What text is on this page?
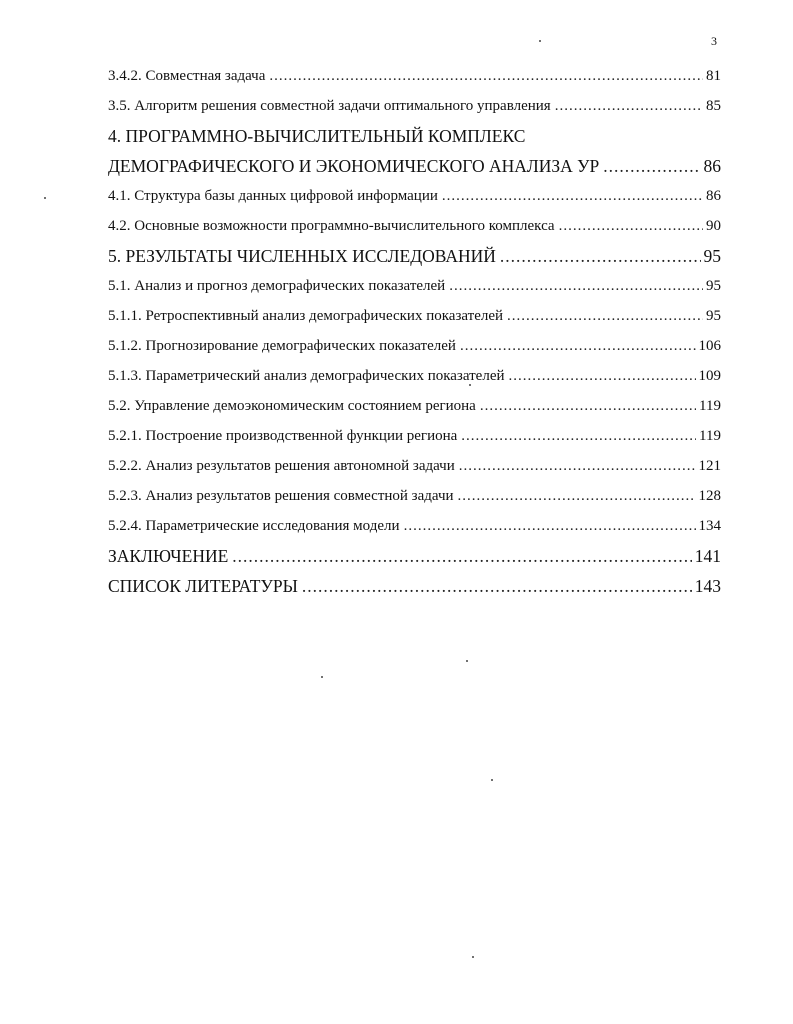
3
3.4.2. Совместная задача .....	81
3.5. Алгоритм решения совместной задачи оптимального управления .....	85
4. ПРОГРАММНО-ВЫЧИСЛИТЕЛЬНЫЙ КОМПЛЕКС
ДЕМОГРАФИЧЕСКОГО И ЭКОНОМИЧЕСКОГО АНАЛИЗА УР .....	86
4.1. Структура базы данных цифровой информации .....	86
4.2. Основные возможности программно-вычислительного комплекса .....	90
5. РЕЗУЛЬТАТЫ ЧИСЛЕННЫХ ИССЛЕДОВАНИЙ .....	95
5.1. Анализ и прогноз демографических показателей .....	95
5.1.1. Ретроспективный анализ демографических показателей .....	95
5.1.2. Прогнозирование демографических показателей .....	106
5.1.3. Параметрический анализ демографических показателей .....	109
5.2. Управление демоэкономическим состоянием региона .....	119
5.2.1. Построение производственной функции региона .....	119
5.2.2. Анализ результатов решения автономной задачи .....	121
5.2.3. Анализ результатов решения совместной задачи .....	128
5.2.4. Параметрические исследования модели .....	134
ЗАКЛЮЧЕНИЕ .....	141
СПИСОК ЛИТЕРАТУРЫ .....	143
